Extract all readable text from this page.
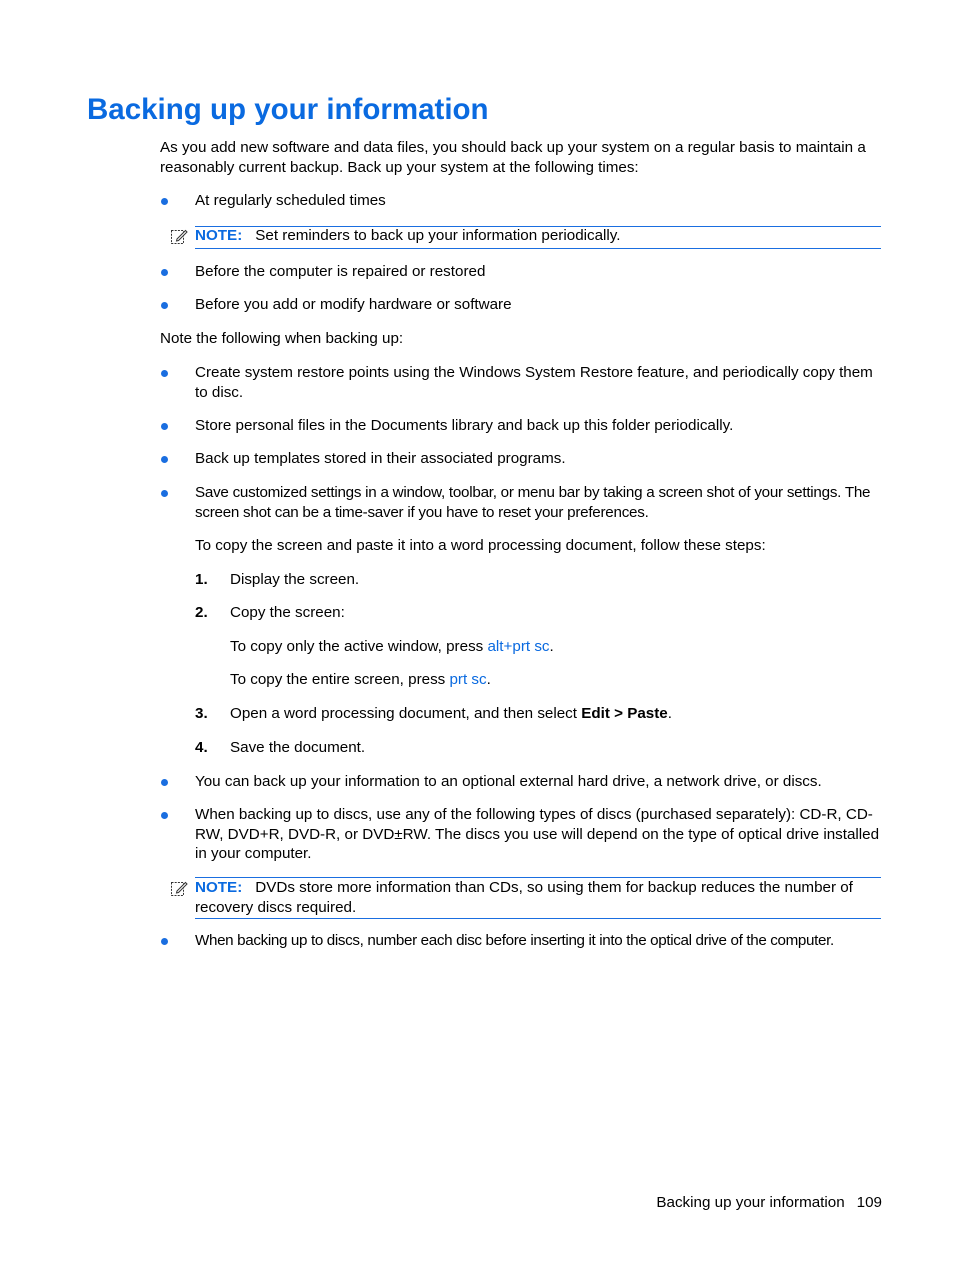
Backing up your information

As you add new software and data files, you should back up your system on a regular basis to maintain a reasonably current backup. Back up your system at the following times:

At regularly scheduled times

NOTE: Set reminders to back up your information periodically.

Before the computer is repaired or restored

Before you add or modify hardware or software

Note the following when backing up:

Create system restore points using the Windows System Restore feature, and periodically copy them to disc.

Store personal files in the Documents library and back up this folder periodically.

Back up templates stored in their associated programs.

Save customized settings in a window, toolbar, or menu bar by taking a screen shot of your settings. The screen shot can be a time-saver if you have to reset your preferences.

To copy the screen and paste it into a word processing document, follow these steps:

1. Display the screen.

2. Copy the screen:

To copy only the active window, press alt+prt sc.

To copy the entire screen, press prt sc.

3. Open a word processing document, and then select Edit > Paste.

4. Save the document.

You can back up your information to an optional external hard drive, a network drive, or discs.

When backing up to discs, use any of the following types of discs (purchased separately): CD-R, CD-RW, DVD+R, DVD-R, or DVD±RW. The discs you use will depend on the type of optical drive installed in your computer.

NOTE: DVDs store more information than CDs, so using them for backup reduces the number of recovery discs required.

When backing up to discs, number each disc before inserting it into the optical drive of the computer.

Backing up your information 109
